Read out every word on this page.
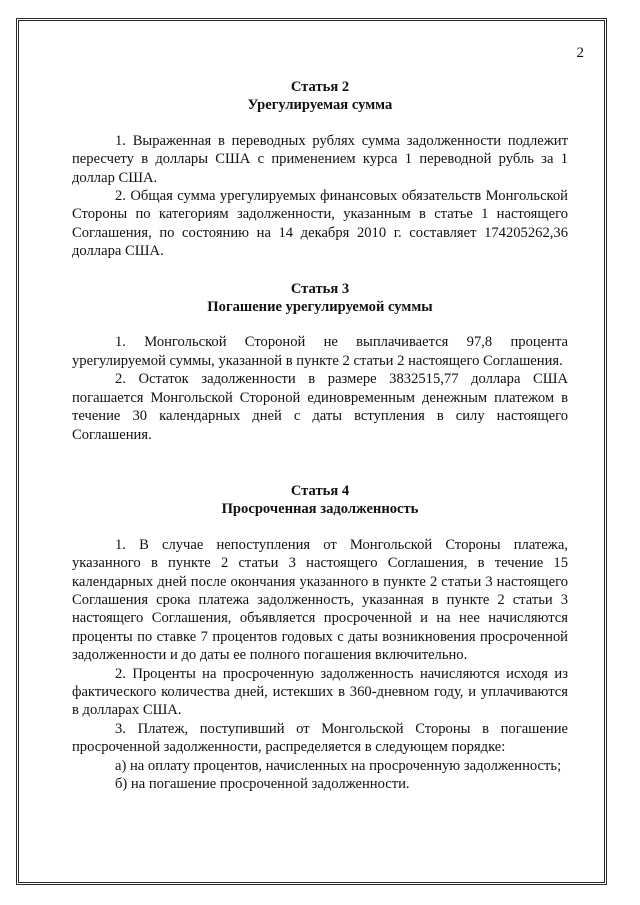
2

Статья 2

Урегулируемая сумма

1. Выраженная в переводных рублях сумма задолженности подлежит пересчету в доллары США с применением курса 1 переводной рубль за 1 доллар США.

2. Общая сумма урегулируемых финансовых обязательств Монгольской Стороны по категориям задолженности, указанным в статье 1 настоящего Соглашения, по состоянию на 14 декабря 2010 г. составляет 174205262,36 доллара США.

Статья 3

Погашение урегулируемой суммы

1. Монгольской Стороной не выплачивается 97,8 процента урегулируемой суммы, указанной в пункте 2 статьи 2 настоящего Соглашения.

2. Остаток задолженности в размере 3832515,77 доллара США погашается Монгольской Стороной единовременным денежным платежом в течение 30 календарных дней с даты вступления в силу настоящего Соглашения.

Статья 4

Просроченная задолженность

1. В случае непоступления от Монгольской Стороны платежа, указанного в пункте 2 статьи 3 настоящего Соглашения, в течение 15 календарных дней после окончания указанного в пункте 2 статьи 3 настоящего Соглашения срока платежа задолженность, указанная в пункте 2 статьи 3 настоящего Соглашения, объявляется просроченной и на нее начисляются проценты по ставке 7 процентов годовых с даты возникновения просроченной задолженности и до даты ее полного погашения включительно.

2. Проценты на просроченную задолженность начисляются исходя из фактического количества дней, истекших в 360-дневном году, и уплачиваются в долларах США.

3. Платеж, поступивший от Монгольской Стороны в погашение просроченной задолженности, распределяется в следующем порядке:

а) на оплату процентов, начисленных на просроченную задолженность;

б) на погашение просроченной задолженности.
